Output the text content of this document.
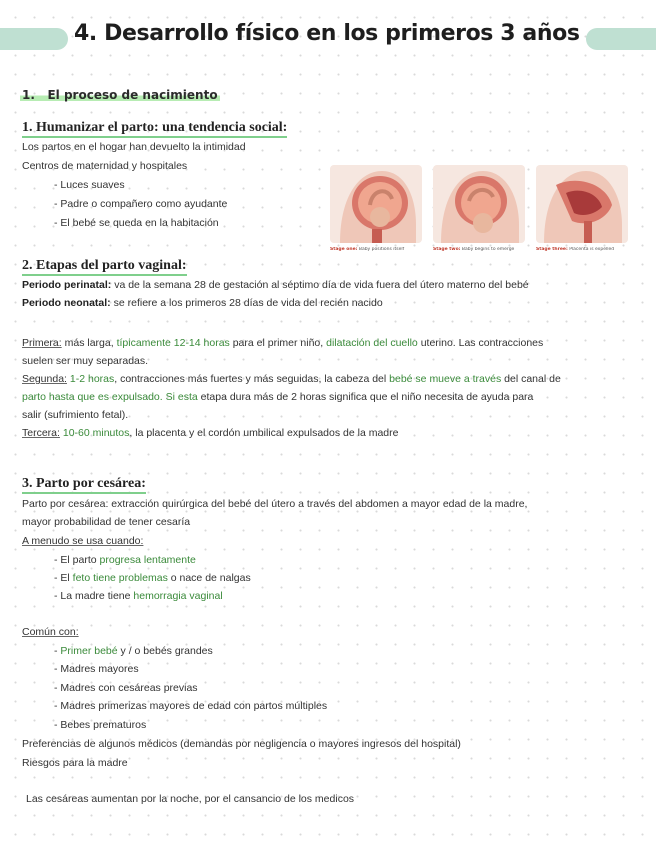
4. Desarrollo físico en los primeros 3 años
1. El proceso de nacimiento
1. Humanizar el parto: una tendencia social:
Los partos en el hogar han devuelto la intimidad
Centros de maternidad y hospitales
- Luces suaves
- Padre o compañero como ayudante
- El bebé se queda en la habitación
Stage one: Baby positions itself	Stage two: Baby begins to emerge	Stage three: Placenta is expelled
2. Etapas del parto vaginal:
Periodo perinatal: va de la semana 28 de gestación al séptimo día de vida fuera del útero materno del bebé
Periodo neonatal: se refiere a los primeros 28 días de vida del recién nacido
Primera: más larga, típicamente 12-14 horas para el primer niño, dilatación del cuello uterino. Las contracciones
suelen ser muy separadas.
Segunda: 1-2 horas, contracciones más fuertes y más seguidas, la cabeza del bebé se mueve a través del canal de
parto hasta que es expulsado. Si esta etapa dura más de 2 horas significa que el niño necesita de ayuda para
salir (sufrimiento fetal).
Tercera: 10-60 minutos, la placenta y el cordón umbilical expulsados de la madre
3. Parto por cesárea:
Parto por cesárea: extracción quirúrgica del bebé del útero a través del abdomen a mayor edad de la madre,
mayor probabilidad de tener cesaría
A menudo se usa cuando:
- El parto progresa lentamente
- El feto tiene problemas o nace de nalgas
- La madre tiene hemorragia vaginal
Común con:
- Primer bebé y / o bebés grandes
- Madres mayores
- Madres con cesáreas previas
- Madres primerizas mayores de edad con partos múltiples
- Bebes prematuros
Preferencias de algunos médicos (demandas por negligencia o mayores ingresos del hospital)
Riesgos para la madre
Las cesáreas aumentan por la noche, por el cansancio de los medicos
